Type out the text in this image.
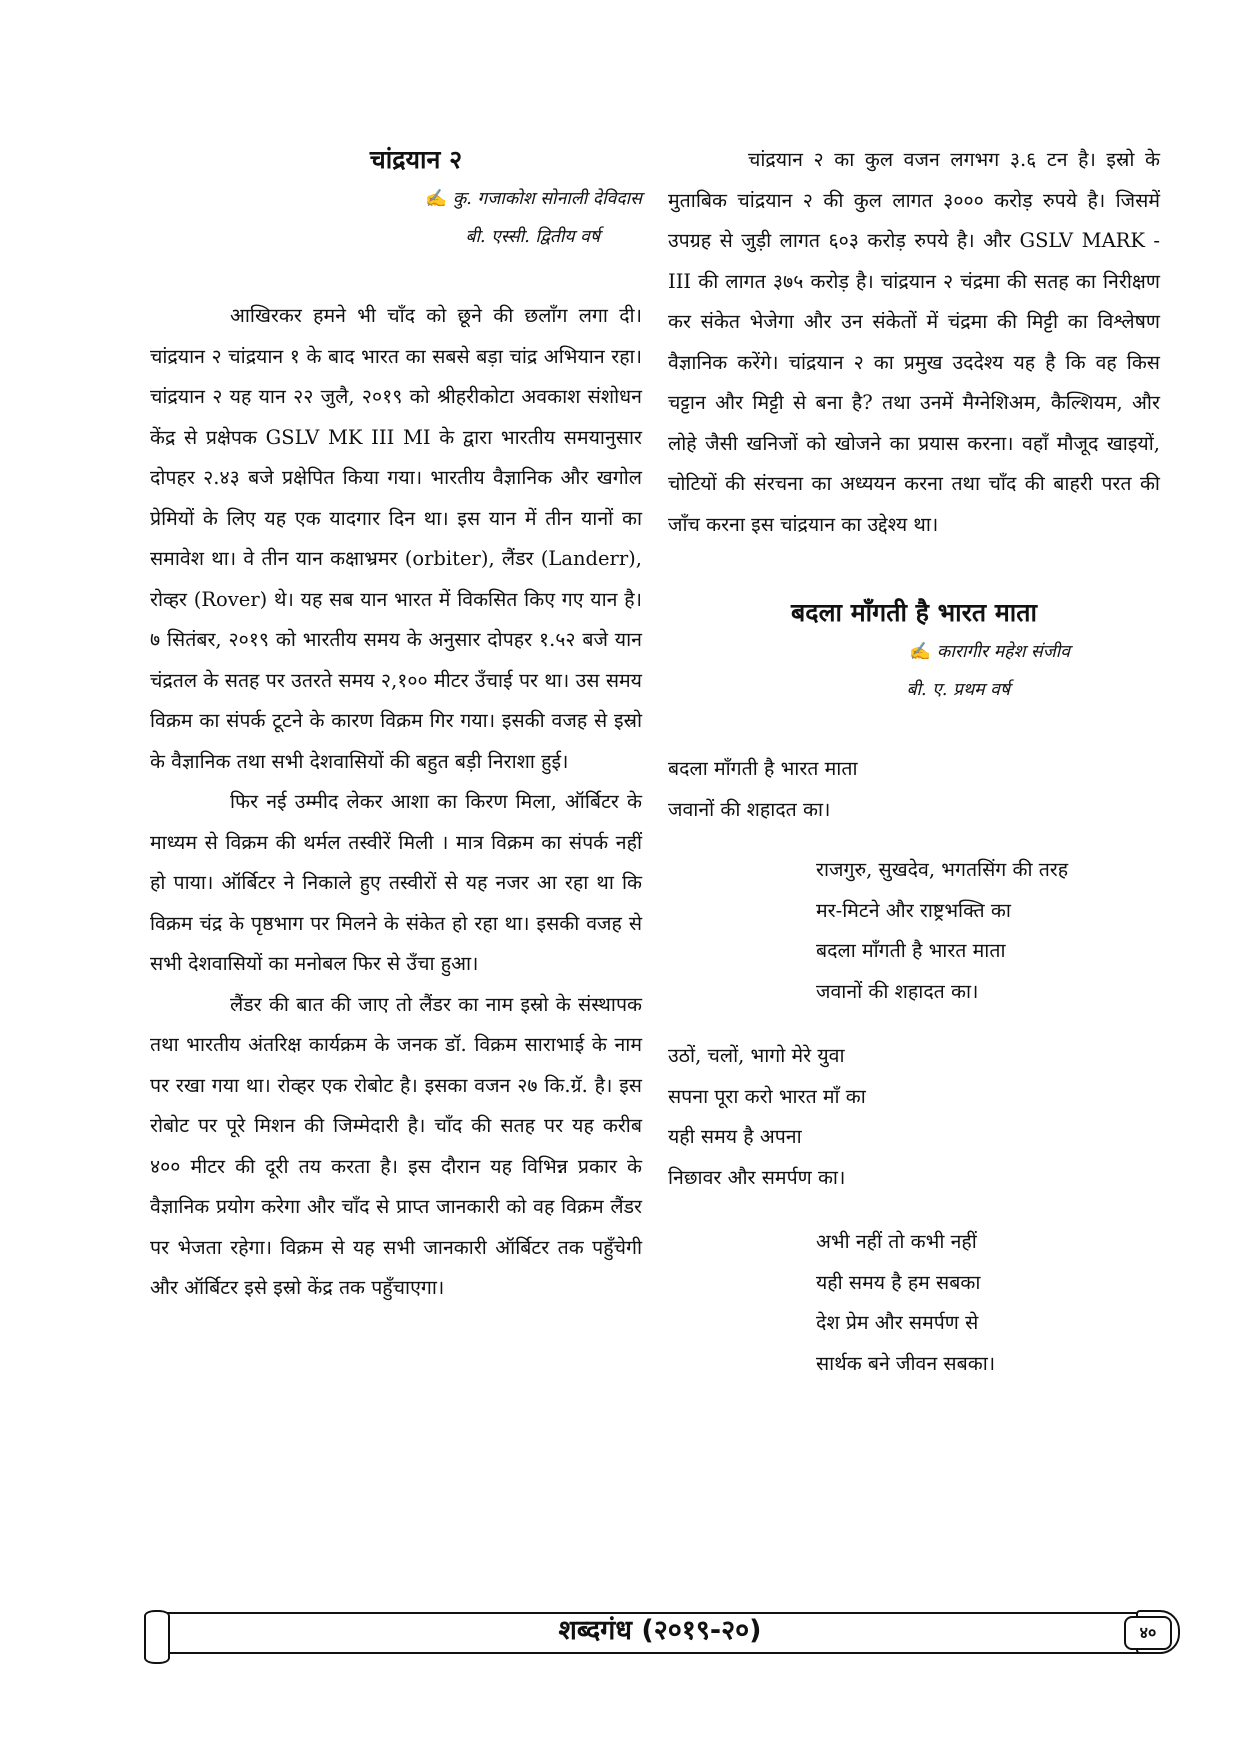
चांद्रयान २
✍ कु. गजाकोश सोनाली देविदास
बी. एस्सी. द्वितीय वर्ष

आखिरकर हमने भी चाँद को छूने की छलाँग लगा दी। चांद्रयान २ चांद्रयान १ के बाद भारत का सबसे बड़ा चांद्र अभियान रहा। चांद्रयान २ यह यान २२ जुलै, २०१९ को श्रीहरीकोटा अवकाश संशोधन केंद्र से प्रक्षेपक GSLV MK III MI के द्वारा भारतीय समयानुसार दोपहर २.४३ बजे प्रक्षेपित किया गया। भारतीय वैज्ञानिक और खगोल प्रेमियों के लिए यह एक यादगार दिन था। इस यान में तीन यानों का समावेश था। वे तीन यान कक्षाभ्रमर (orbiter), लैंडर (Landerr), रोव्हर (Rover) थे। यह सब यान भारत में विकसित किए गए यान है। ७ सितंबर, २०१९ को भारतीय समय के अनुसार दोपहर १.५२ बजे यान चंद्रतल के सतह पर उतरते समय २,१०० मीटर उँचाई पर था। उस समय विक्रम का संपर्क टूटने के कारण विक्रम गिर गया। इसकी वजह से इस्रो के वैज्ञानिक तथा सभी देशवासियों की बहुत बड़ी निराशा हुई।

फिर नई उम्मीद लेकर आशा का किरण मिला, ऑर्बिटर के माध्यम से विक्रम की थर्मल तस्वीरें मिली । मात्र विक्रम का संपर्क नहीं हो पाया। ऑर्बिटर ने निकाले हुए तस्वीरों से यह नजर आ रहा था कि विक्रम चंद्र के पृष्ठभाग पर मिलने के संकेत हो रहा था। इसकी वजह से सभी देशवासियों का मनोबल फिर से उँचा हुआ।

लैंडर की बात की जाए तो लैंडर का नाम इस्रो के संस्थापक तथा भारतीय अंतरिक्ष कार्यक्रम के जनक डॉ. विक्रम साराभाई के नाम पर रखा गया था। रोव्हर एक रोबोट है। इसका वजन २७ कि.ग्रॅ. है। इस रोबोट पर पूरे मिशन की जिम्मेदारी है। चाँद की सतह पर यह करीब ४०० मीटर की दूरी तय करता है। इस दौरान यह विभिन्न प्रकार के वैज्ञानिक प्रयोग करेगा और चाँद से प्राप्त जानकारी को वह विक्रम लैंडर पर भेजता रहेगा। विक्रम से यह सभी जानकारी ऑर्बिटर तक पहुँचेगी और ऑर्बिटर इसे इस्रो केंद्र तक पहुँचाएगा।

चांद्रयान २ का कुल वजन लगभग ३.६ टन है। इस्रो के मुताबिक चांद्रयान २ की कुल लागत ३००० करोड़ रुपये है। जिसमें उपग्रह से जुड़ी लागत ६०३ करोड़ रुपये है। और GSLV MARK - III की लागत ३७५ करोड़ है। चांद्रयान २ चंद्रमा की सतह का निरीक्षण कर संकेत भेजेगा और उन संकेतों में चंद्रमा की मिट्टी का विश्लेषण वैज्ञानिक करेंगे। चांद्रयान २ का प्रमुख उददेश्य यह है कि वह किस चट्टान और मिट्टी से बना है? तथा उनमें मैग्नेशिअम, कैल्शियम, और लोहे जैसी खनिजों को खोजने का प्रयास करना। वहाँ मौजूद खाइयों, चोटियों की संरचना का अध्ययन करना तथा चाँद की बाहरी परत की जाँच करना इस चांद्रयान का उद्देश्य था।

बदला माँगती है भारत माता
✍ कारागीर महेश संजीव
बी. ए. प्रथम वर्ष
बदला माँगती है भारत माता
जवानों की शहादत का।
राजगुरु, सुखदेव, भगतसिंग की तरह
मर-मिटने और राष्ट्रभक्ति का
बदला माँगती है भारत माता
जवानों की शहादत का।
उठों, चलों, भागो मेरे युवा
सपना पूरा करो भारत माँ का
यही समय है अपना
निछावर और समर्पण का।
अभी नहीं तो कभी नहीं
यही समय है हम सबका
देश प्रेम और समर्पण से
सार्थक बने जीवन सबका।
शब्दगंध (२०१९-२०)	४०
